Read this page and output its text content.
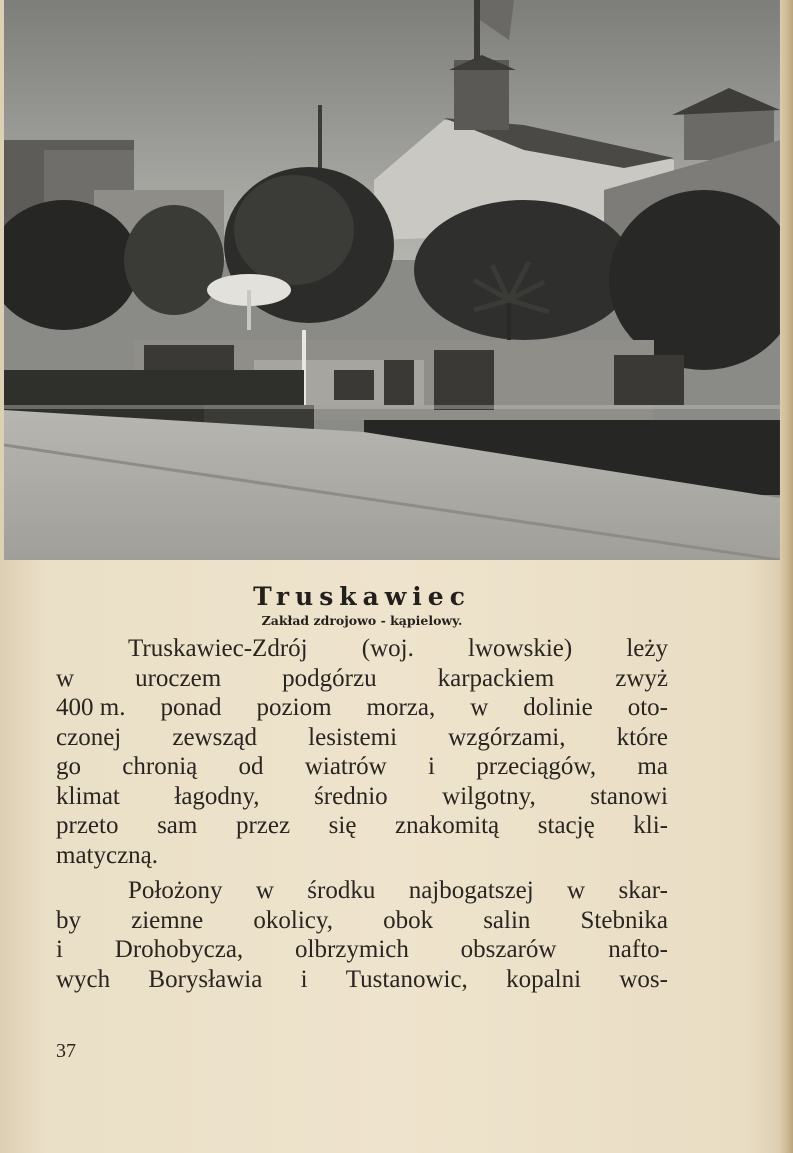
Truskawiec
Zakład zdrojowo - kąpielowy.
Truskawiec-Zdrój (woj. lwowskie) leży
w uroczem podgórzu karpackiem zwyż
400 m. ponad poziom morza, w dolinie oto-
czonej zewsząd lesistemi wzgórzami, które
go chronią od wiatrów i przeciągów, ma
klimat łagodny, średnio wilgotny, stanowi
przeto sam przez się znakomitą stację kli-
matyczną.
Położony w środku najbogatszej w skar-
by ziemne okolicy, obok salin Stebnika
i Drohobycza, olbrzymich obszarów nafto-
wych Borysławia i Tustanowic, kopalni wos-
37
